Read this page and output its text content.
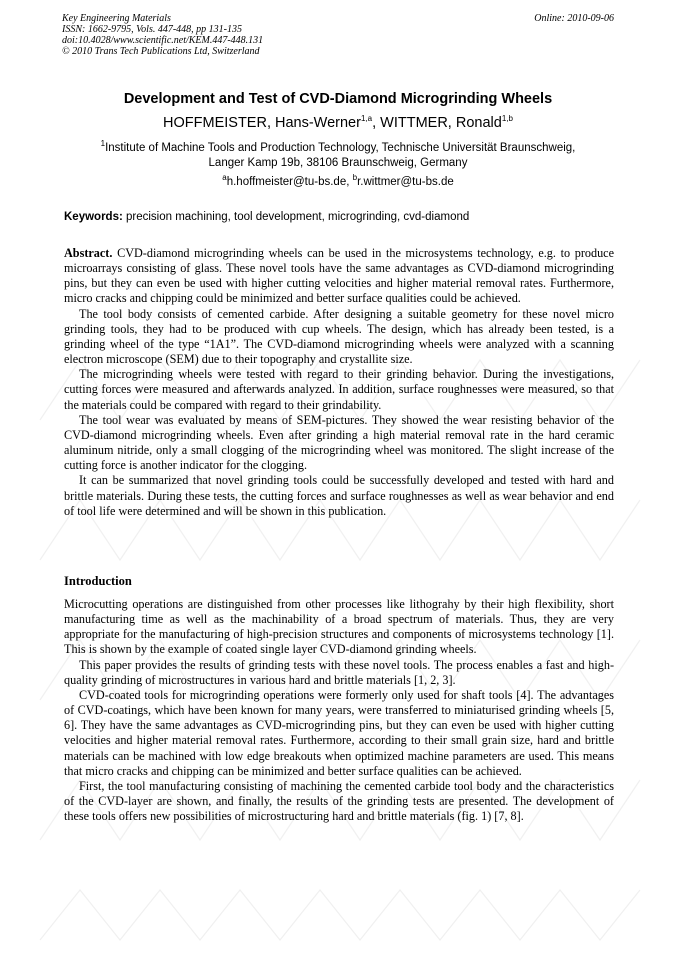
Key Engineering Materials
ISSN: 1662-9795, Vols. 447-448, pp 131-135
doi:10.4028/www.scientific.net/KEM.447-448.131
© 2010 Trans Tech Publications Ltd, Switzerland
Online: 2010-09-06
Development and Test of CVD-Diamond Microgrinding Wheels
HOFFMEISTER, Hans-Werner$^{1,a}$, WITTMER, Ronald$^{1,b}$
$^1$Institute of Machine Tools and Production Technology, Technische Universität Braunschweig,
Langer Kamp 19b, 38106 Braunschweig, Germany
$^a$h.hoffmeister@tu-bs.de, $^b$r.wittmer@tu-bs.de
Keywords: precision machining, tool development, microgrinding, cvd-diamond

Abstract. CVD-diamond microgrinding wheels can be used in the microsystems technology, e.g. to produce microarrays consisting of glass. These novel tools have the same advantages as CVD-diamond microgrinding pins, but they can even be used with higher cutting velocities and higher material removal rates. Furthermore, micro cracks and chipping could be minimized and better surface qualities could be achieved.

The tool body consists of cemented carbide. After designing a suitable geometry for these novel micro grinding tools, they had to be produced with cup wheels. The design, which has already been tested, is a grinding wheel of the type “1A1”. The CVD-diamond microgrinding wheels were analyzed with a scanning electron microscope (SEM) due to their topography and crystallite size.

The microgrinding wheels were tested with regard to their grinding behavior. During the investigations, cutting forces were measured and afterwards analyzed. In addition, surface roughnesses were measured, so that the materials could be compared with regard to their grindability.

The tool wear was evaluated by means of SEM-pictures. They showed the wear resisting behavior of the CVD-diamond microgrinding wheels. Even after grinding a high material removal rate in the hard ceramic aluminum nitride, only a small clogging of the microgrinding wheel was monitored. The slight increase of the cutting force is another indicator for the clogging.

It can be summarized that novel grinding tools could be successfully developed and tested with hard and brittle materials. During these tests, the cutting forces and surface roughnesses as well as wear behavior and end of tool life were determined and will be shown in this publication.

Introduction

Microcutting operations are distinguished from other processes like lithograhy by their high flexibility, short manufacturing time as well as the machinability of a broad spectrum of materials. Thus, they are very appropriate for the manufacturing of high-precision structures and components of microsystems technology [1]. This is shown by the example of coated single layer CVD-diamond grinding wheels.

This paper provides the results of grinding tests with these novel tools. The process enables a fast and high-quality grinding of microstructures in various hard and brittle materials [1, 2, 3].

CVD-coated tools for microgrinding operations were formerly only used for shaft tools [4]. The advantages of CVD-coatings, which have been known for many years, were transferred to miniaturised grinding wheels [5, 6]. They have the same advantages as CVD-microgrinding pins, but they can even be used with higher cutting velocities and higher material removal rates. Furthermore, according to their small grain size, hard and brittle materials can be machined with low edge breakouts when optimized machine parameters are used. This means that micro cracks and chipping can be minimized and better surface qualities can be achieved.

First, the tool manufacturing consisting of machining the cemented carbide tool body and the characteristics of the CVD-layer are shown, and finally, the results of the grinding tests are presented. The development of these tools offers new possibilities of microstructuring hard and brittle materials (fig. 1) [7, 8].
